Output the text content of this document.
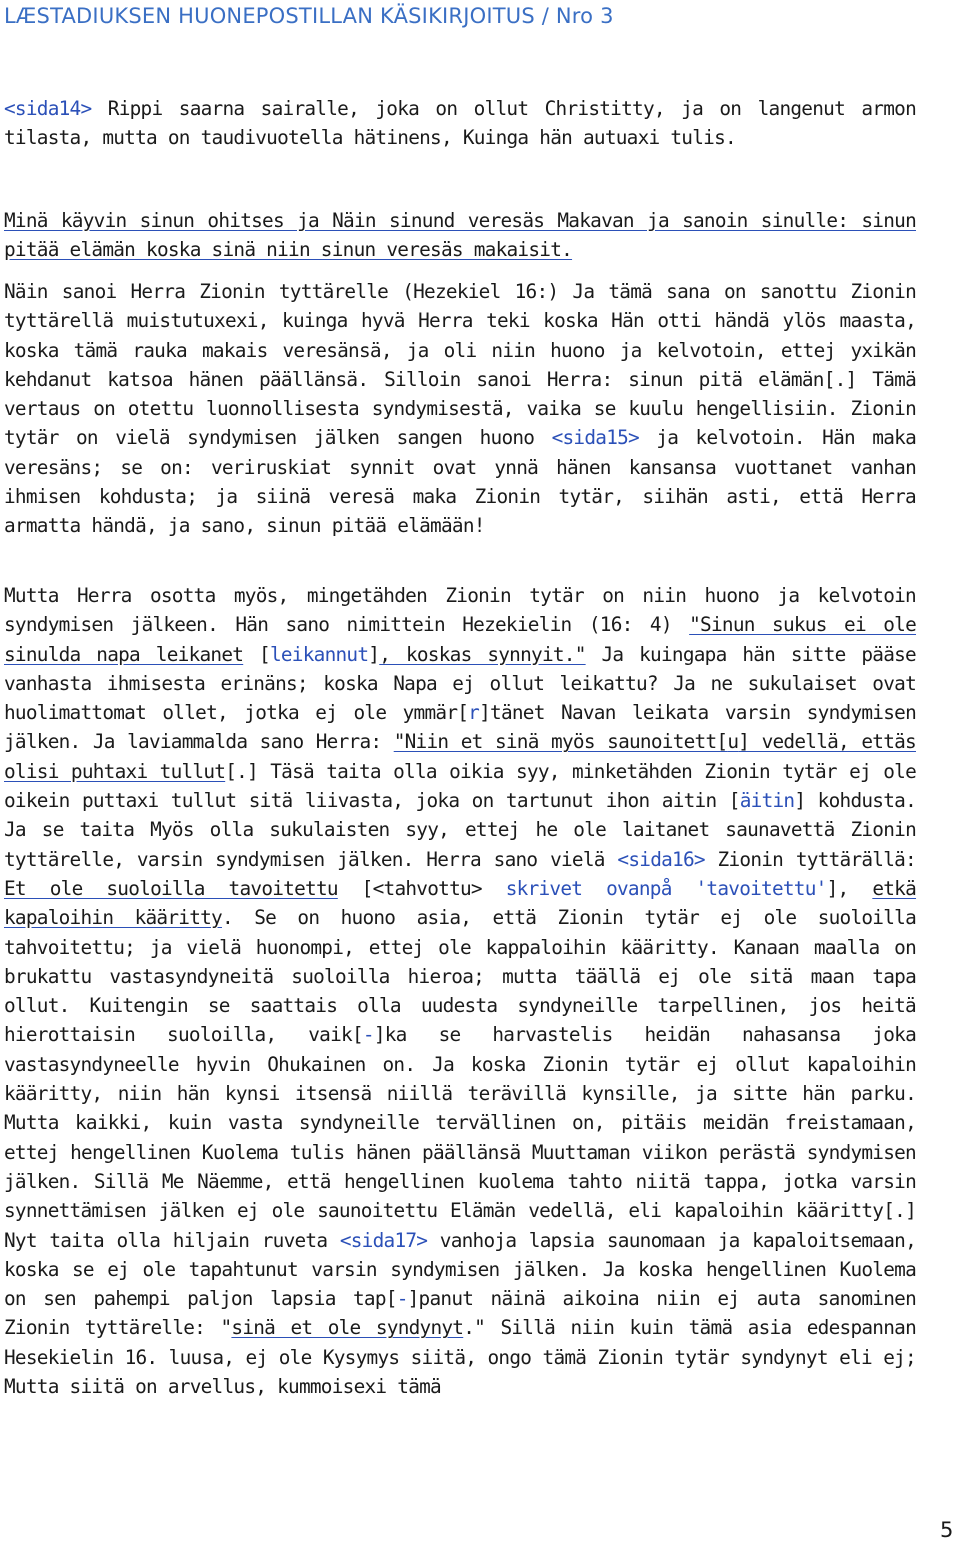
LÆSTADIUKSEN HUONEPOSTILLAN KÄSIKIRJOITUS / Nro 3

<sida14> Rippi saarna sairalle, joka on ollut Christitty, ja on langenut armon tilasta, mutta on taudivuotella hätinens, Kuinga hän autuaxi tulis.

Minä käyvin sinun ohitses ja Näin sinund veresäs Makavan ja sanoin sinulle: sinun pitää elämän koska sinä niin sinun veresäs makaisit.

Näin sanoi Herra Zionin tyttärelle (Hezekiel 16:) Ja tämä sana on sanottu Zionin tyttärellä muistutuxexi, kuinga hyvä Herra teki koska Hän otti händä ylös maasta, koska tämä rauka makais veresänsä, ja oli niin huono ja kelvotoin, ettej yxikän kehdanut katsoa hänen päällänsä. Silloin sanoi Herra: sinun pitä elämän[.] Tämä vertaus on otettu luonnollisesta syndymisestä, vaika se kuulu hengellisiin. Zionin tytär on vielä syndymisen jälken sangen huono <sida15> ja kelvotoin. Hän maka veresäns; se on: veriruskiat synnit ovat ynnä hänen kansansa vuottanet vanhan ihmisen kohdusta; ja siinä veresä maka Zionin tytär, siihän asti, että Herra armatta händä, ja sano, sinun pitää elämään!

Mutta Herra osotta myös, mingetähden Zionin tytär on niin huono ja kelvotoin syndymisen jälkeen. Hän sano nimittein Hezekielin (16: 4) "Sinun sukus ei ole sinulda napa leikanet [leikannut], koskas synnyit." Ja kuingapa hän sitte pääse vanhasta ihmisesta erinäns; koska Napa ej ollut leikattu? Ja ne sukulaiset ovat huolimattomat ollet, jotka ej ole ymmär[r]tänet Navan leikata varsin syndymisen jälken. Ja laviammalda sano Herra: "Niin et sinä myös saunoitett[u] vedellä, ettäs olisi puhtaxi tullut[.] Täsä taita olla oikia syy, minketähden Zionin tytär ej ole oikein puttaxi tullut sitä liivasta, joka on tartunut ihon aitin [äitin] kohdusta. Ja se taita Myös olla sukulaisten syy, ettej he ole laitanet saunavettä Zionin tyttärelle, varsin syndymisen jälken. Herra sano vielä <sida16> Zionin tyttärällä: Et ole suoloilla tavoitettu [<tahvottu> skrivet ovanpå 'tavoitettu'], etkä kapaloihin kääritty. Se on huono asia, että Zionin tytär ej ole suoloilla tahvoitettu; ja vielä huonompi, ettej ole kappaloihin kääritty. Kanaan maalla on brukattu vastasyndyneitä suoloilla hieroa; mutta täällä ej ole sitä maan tapa ollut. Kuitengin se saattais olla uudesta syndyneille tarpellinen, jos heitä hierottaisin suoloilla, vaik[-]ka se harvastelis heidän nahasansa joka vastasyndyneelle hyvin Ohukainen on. Ja koska Zionin tytär ej ollut kapaloihin kääritty, niin hän kynsi itsensä niillä terävillä kynsille, ja sitte hän parku. Mutta kaikki, kuin vasta syndyneille tervällinen on, pitäis meidän freistamaan, ettej hengellinen Kuolema tulis hänen päällänsä Muuttaman viikon perästä syndymisen jälken. Sillä Me Näemme, että hengellinen kuolema tahto niitä tappa, jotka varsin synnettämisen jälken ej ole saunoitettu Elämän vedellä, eli kapaloihin kääritty[.] Nyt taita olla hiljain ruveta <sida17> vanhoja lapsia saunomaan ja kapaloitsemaan, koska se ej ole tapahtunut varsin syndymisen jälken. Ja koska hengellinen Kuolema on sen pahempi paljon lapsia tap[-]panut näinä aikoina niin ej auta sanominen Zionin tyttärelle: "sinä et ole syndynyt." Sillä niin kuin tämä asia edespannan Hesekielin 16. luusa, ej ole Kysymys siitä, ongo tämä Zionin tytär syndynyt eli ej; Mutta siitä on arvellus, kummoisexi tämä

5
